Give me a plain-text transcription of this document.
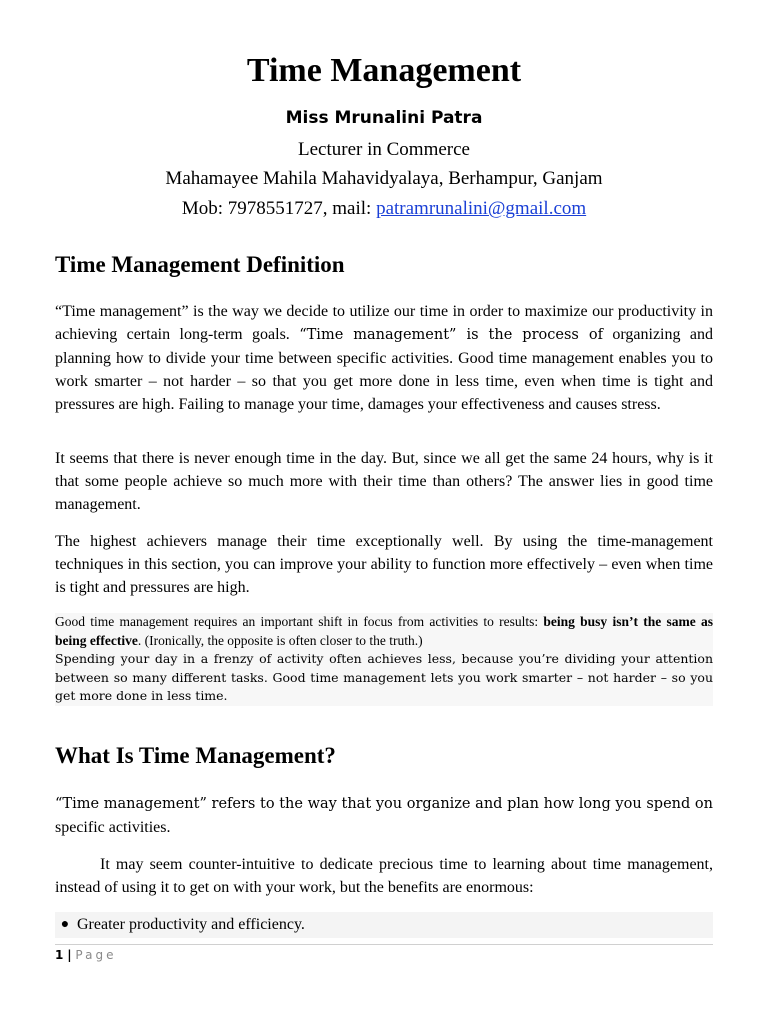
Time Management
Miss Mrunalini Patra
Lecturer in Commerce
Mahamayee Mahila Mahavidyalaya, Berhampur, Ganjam
Mob: 7978551727, mail: patramrunalini@gmail.com
Time Management Definition
“Time management” is the way we decide to utilize our time in order to maximize our productivity in achieving certain long-term goals. “Time management” is the process of organizing and planning how to divide your time between specific activities. Good time management enables you to work smarter – not harder – so that you get more done in less time, even when time is tight and pressures are high. Failing to manage your time, damages your effectiveness and causes stress.
It seems that there is never enough time in the day. But, since we all get the same 24 hours, why is it that some people achieve so much more with their time than others? The answer lies in good time management.
The highest achievers manage their time exceptionally well. By using the time-management techniques in this section, you can improve your ability to function more effectively – even when time is tight and pressures are high.
Good time management requires an important shift in focus from activities to results: being busy isn’t the same as being effective. (Ironically, the opposite is often closer to the truth.)
Spending your day in a frenzy of activity often achieves less, because you’re dividing your attention between so many different tasks. Good time management lets you work smarter – not harder – so you get more done in less time.
What Is Time Management?
“Time management” refers to the way that you organize and plan how long you spend on specific activities.
It may seem counter-intuitive to dedicate precious time to learning about time management, instead of using it to get on with your work, but the benefits are enormous:
● Greater productivity and efficiency.
1 | Page
